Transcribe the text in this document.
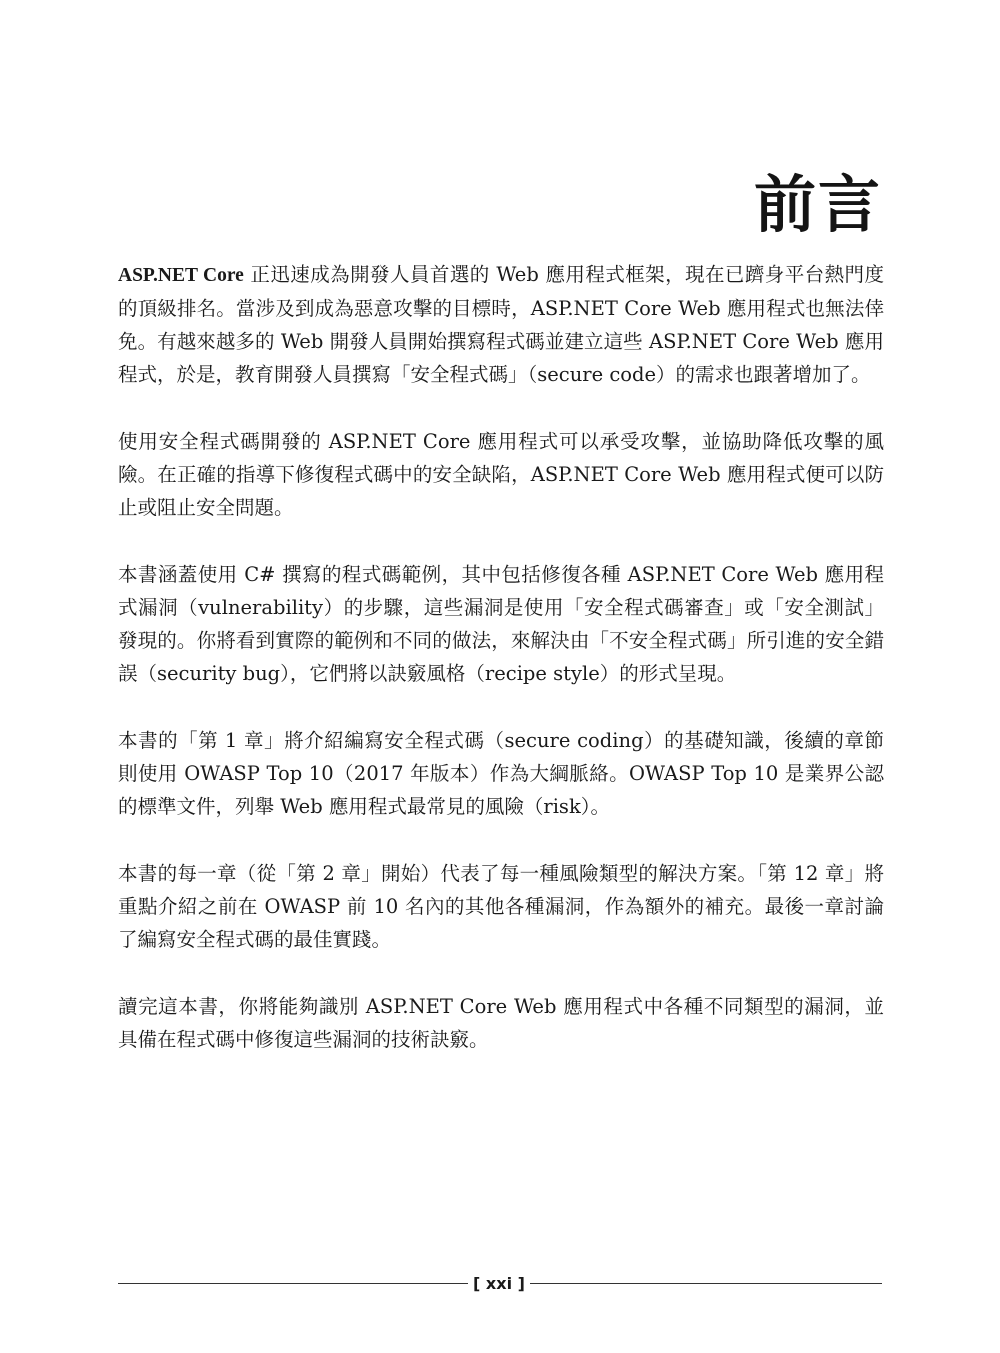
前言

ASP.NET Core 正迅速成為開發人員首選的 Web 應用程式框架，現在已躋身平台熱門度的頂級排名。當涉及到成為惡意攻擊的目標時，ASP.NET Core Web 應用程式也無法倖免。有越來越多的 Web 開發人員開始撰寫程式碼並建立這些 ASP.NET Core Web 應用程式，於是，教育開發人員撰寫「安全程式碼」（secure code）的需求也跟著增加了。

使用安全程式碼開發的 ASP.NET Core 應用程式可以承受攻擊，並協助降低攻擊的風險。在正確的指導下修復程式碼中的安全缺陷，ASP.NET Core Web 應用程式便可以防止或阻止安全問題。

本書涵蓋使用 C# 撰寫的程式碼範例，其中包括修復各種 ASP.NET Core Web 應用程式漏洞（vulnerability）的步驟，這些漏洞是使用「安全程式碼審查」或「安全測試」發現的。你將看到實際的範例和不同的做法，來解決由「不安全程式碼」所引進的安全錯誤（security bug），它們將以訣竅風格（recipe style）的形式呈現。

本書的「第 1 章」將介紹編寫安全程式碼（secure coding）的基礎知識，後續的章節則使用 OWASP Top 10（2017 年版本）作為大綱脈絡。OWASP Top 10 是業界公認的標準文件，列舉 Web 應用程式最常見的風險（risk）。

本書的每一章（從「第 2 章」開始）代表了每一種風險類型的解決方案。「第 12 章」將重點介紹之前在 OWASP 前 10 名內的其他各種漏洞，作為額外的補充。最後一章討論了編寫安全程式碼的最佳實踐。

讀完這本書，你將能夠識別 ASP.NET Core Web 應用程式中各種不同類型的漏洞，並具備在程式碼中修復這些漏洞的技術訣竅。

[ xxi ]
